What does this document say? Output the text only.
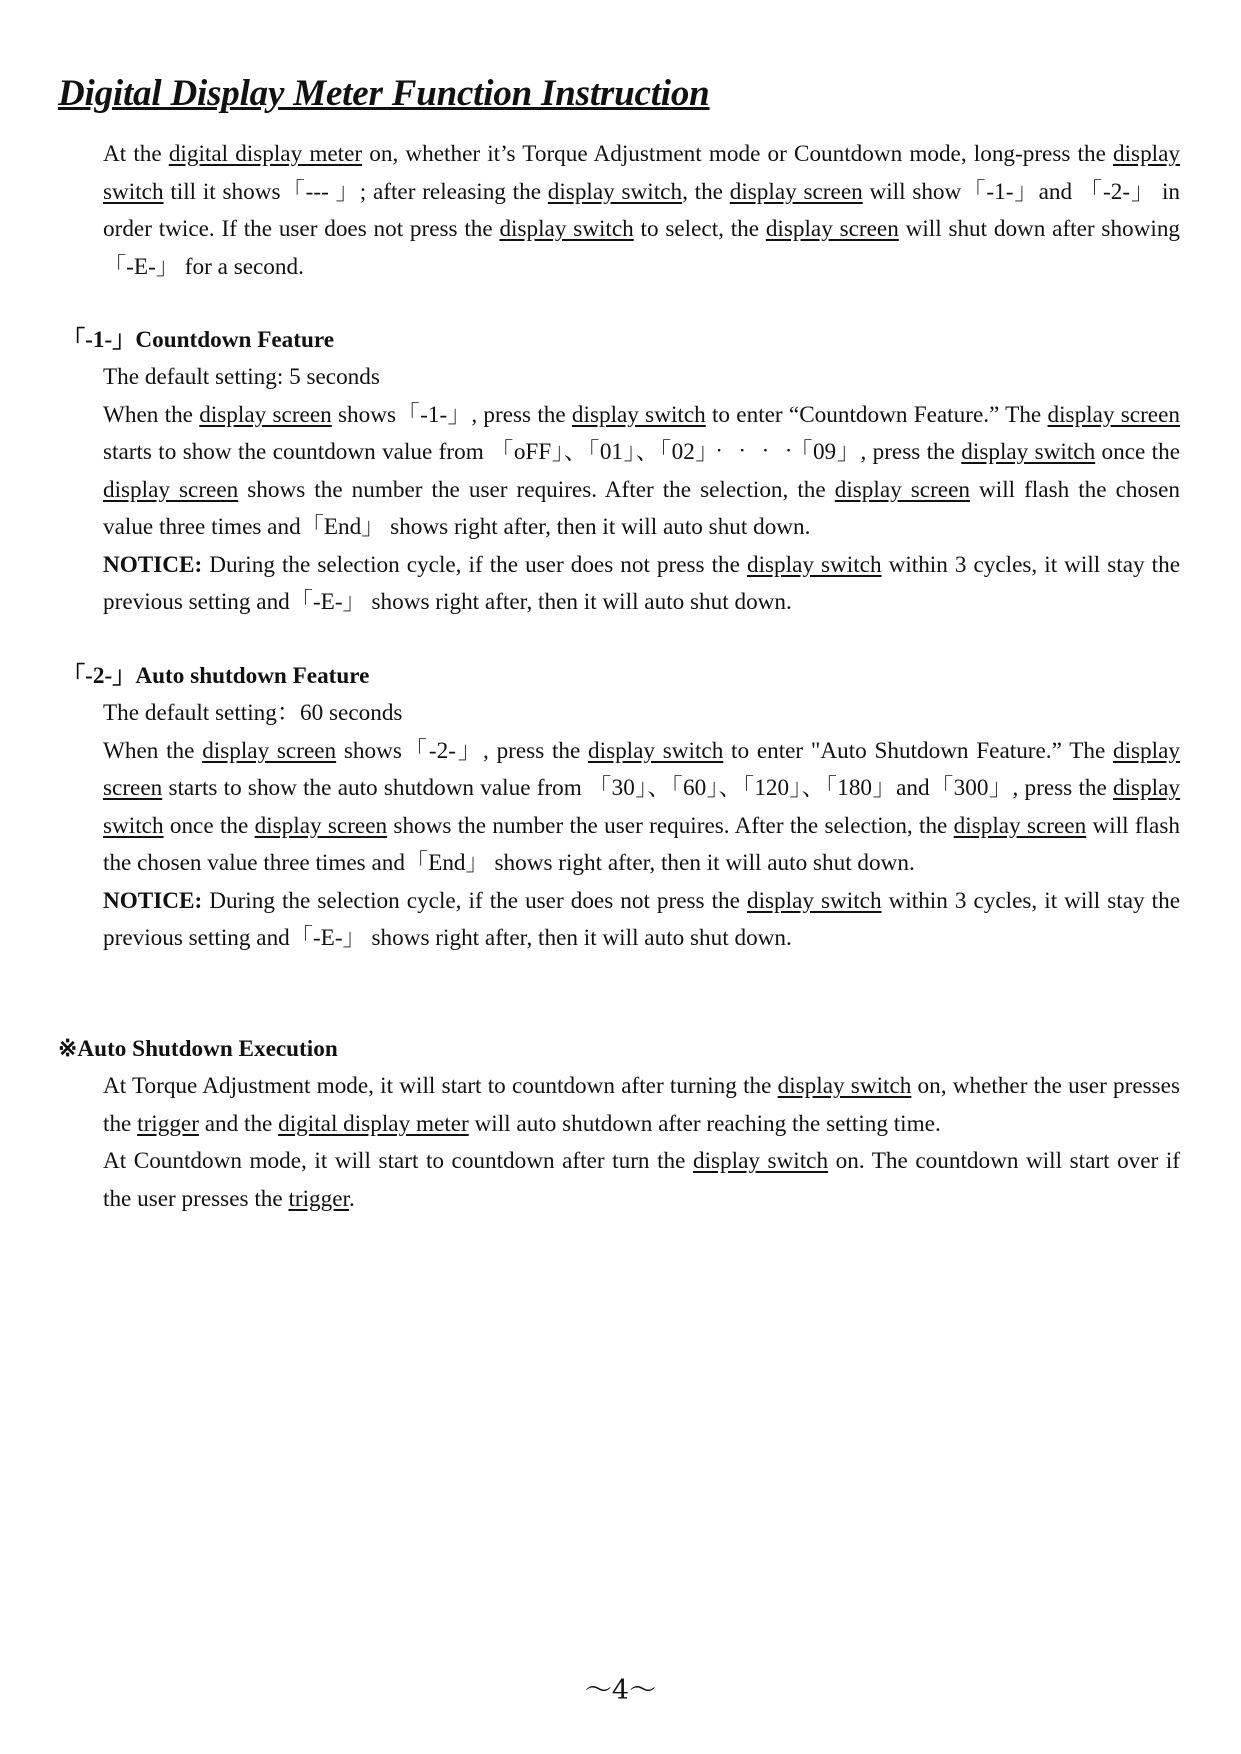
Digital Display Meter Function Instruction
At the digital display meter on, whether it’s Torque Adjustment mode or Countdown mode, long-press the display switch till it shows「--- 」; after releasing the display switch, the display screen will show「-1-」and 「-2-」 in order twice. If the user does not press the display switch to select, the display screen will shut down after showing「-E-」 for a second.
「-1-」Countdown Feature

The default setting: 5 seconds

When the display screen shows「-1-」, press the display switch to enter “Countdown Feature.” The display screen starts to show the countdown value from 「oFF」、「01」、「02」‧‧‧‧「09」, press the display switch once the display screen shows the number the user requires. After the selection, the display screen will flash the chosen value three times and「End」 shows right after, then it will auto shut down.

NOTICE: During the selection cycle, if the user does not press the display switch within 3 cycles, it will stay the previous setting and「-E-」 shows right after, then it will auto shut down.

「-2-」Auto shutdown Feature

The default setting：60 seconds

When the display screen shows「-2-」, press the display switch to enter "Auto Shutdown Feature.” The display screen starts to show the auto shutdown value from 「30」、「60」、「120」、「180」and「300」, press the display switch once the display screen shows the number the user requires. After the selection, the display screen will flash the chosen value three times and「End」 shows right after, then it will auto shut down.

NOTICE: During the selection cycle, if the user does not press the display switch within 3 cycles, it will stay the previous setting and「-E-」 shows right after, then it will auto shut down.

※Auto Shutdown Execution

At Torque Adjustment mode, it will start to countdown after turning the display switch on, whether the user presses the trigger and the digital display meter will auto shutdown after reaching the setting time.

At Countdown mode, it will start to countdown after turn the display switch on. The countdown will start over if the user presses the trigger.

～4～
